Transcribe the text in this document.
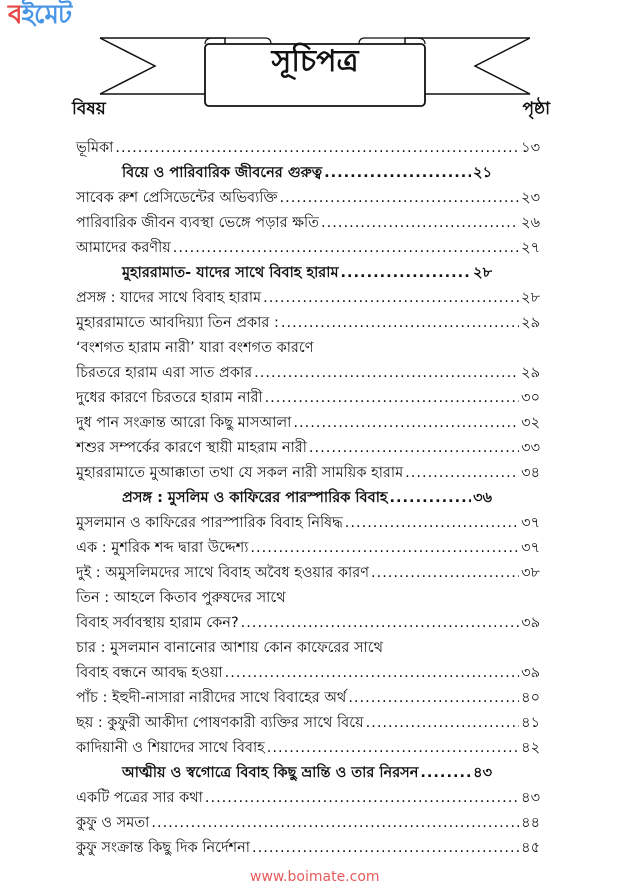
সূচিপত্র
বিষয়	পৃষ্ঠা
ভূমিকা .....	১৩
বিয়ে ও পারিবারিক জীবনের গুরুত্ব .....	২১
সাবেক রুশ প্রেসিডেন্টের অভিব্যক্তি .....	২৩
পারিবারিক জীবন ব্যবস্থা ভেঙ্গে পড়ার ক্ষতি .....	২৬
আমাদের করণীয় .....	২৭
মুহাররামাত- যাদের সাথে বিবাহ হারাম .....	২৮
প্রসঙ্গ : যাদের সাথে বিবাহ হারাম .....	২৮
মুহাররামাতে আবদিয়্যা তিন প্রকার : .....	২৯
‘বংশগত হারাম নারী’ যারা বংশগত কারণে
চিরতরে হারাম এরা সাত প্রকার .....	২৯
দুধের কারণে চিরতরে হারাম নারী .....	৩০
দুধ পান সংক্রান্ত আরো কিছু মাসআলা .....	৩২
শশুর সম্পর্কের কারণে স্থায়ী মাহরাম নারী .....	৩৩
মুহাররামাতে মুআক্কাতা তথা যে সকল নারী সাময়িক হারাম .....	৩৪
প্রসঙ্গ : মুসলিম ও কাফিরের পারস্পারিক বিবাহ .....	৩৬
মুসলমান ও কাফিরের পারস্পারিক বিবাহ নিষিদ্ধ .....	৩৭
এক : মুশরিক শব্দ দ্বারা উদ্দেশ্য .....	৩৭
দুই : অমুসলিমদের সাথে বিবাহ অবৈধ হওয়ার কারণ .....	৩৮
তিন : আহলে কিতাব পুরুষদের সাথে
বিবাহ সর্বাবস্থায় হারাম কেন? .....	৩৯
চার : মুসলমান বানানোর আশায় কোন কাফেরের সাথে
বিবাহ বন্ধনে আবদ্ধ হওয়া .....	৩৯
পাঁচ : ইহুদী-নাসারা নারীদের সাথে বিবাহের অর্থ .....	৪০
ছয় : কুফুরী আকীদা পোষণকারী ব্যক্তির সাথে বিয়ে .....	৪১
কাদিয়ানী ও শিয়াদের সাথে বিবাহ .....	৪২
আত্মীয় ও স্বগোত্রে বিবাহ কিছু ভ্রান্তি ও তার নিরসন .....	৪৩
একটি পত্রের সার কথা .....	৪৩
কুফু ও সমতা .....	৪৪
কুফু সংক্রান্ত কিছু দিক নির্দেশনা .....	৪৫
বইমেট
www.boimate.com
